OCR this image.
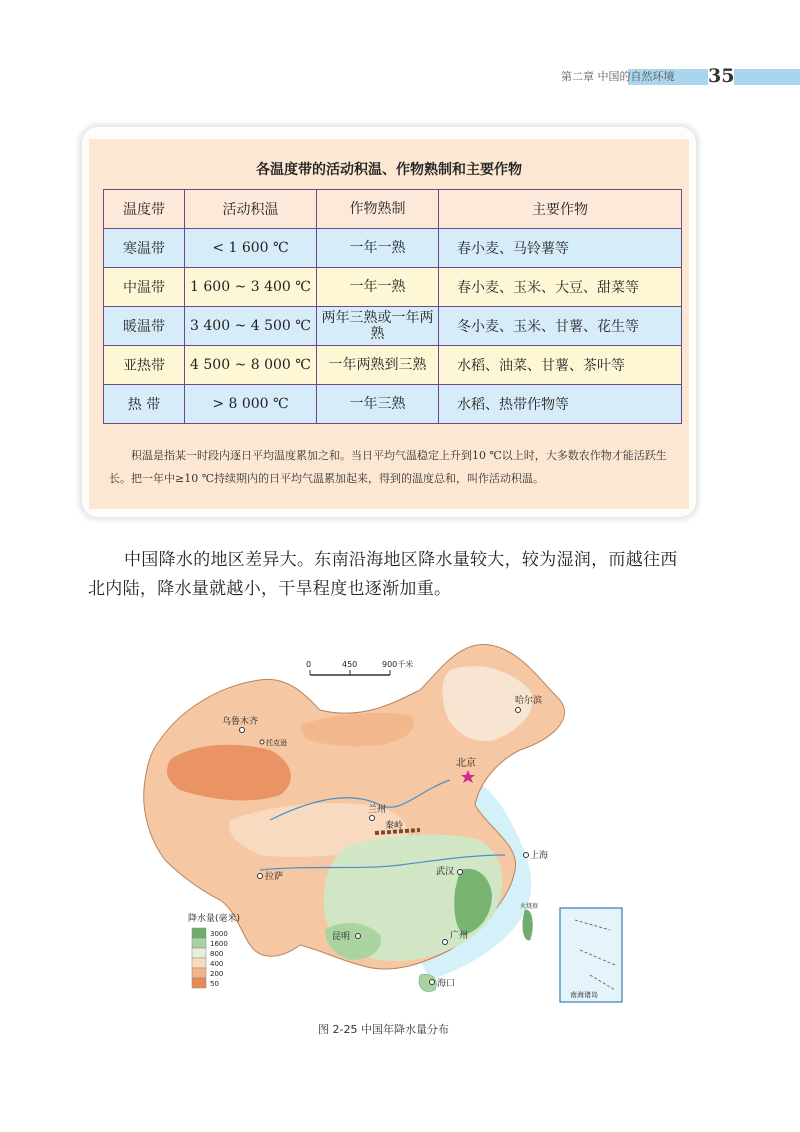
第二章 中国的自然环境	35
各温度带的活动积温、作物熟制和主要作物
温度带	活动积温	作物熟制	主要作物
寒温带	< 1 600 ℃	一年一熟	春小麦、马铃薯等
中温带	1 600 ~ 3 400 ℃	一年一熟	春小麦、玉米、大豆、甜菜等
暖温带	3 400 ~ 4 500 ℃	两年三熟或一年两熟	冬小麦、玉米、甘薯、花生等
亚热带	4 500 ~ 8 000 ℃	一年两熟到三熟	水稻、油菜、甘薯、茶叶等
热 带	> 8 000 ℃	一年三熟	水稻、热带作物等
积温是指某一时段内逐日平均温度累加之和。当日平均气温稳定上升到10 ℃以上时，大多数农作物才能活跃生长。把一年中≥10 ℃持续期内的日平均气温累加起来，得到的温度总和，叫作活动积温。
中国降水的地区差异大。东南沿海地区降水量较大，较为湿润，而越往西北内陆，降水量就越小，干旱程度也逐渐加重。
0	450	900千米
哈尔滨
乌鲁木齐
托克逊
北京
兰州
秦岭
上海
拉萨	武汉
昆明	广州
海口
火烧寮
南海诸岛
降水量(毫米)
3000
1600
800
400
200
50
图 2-25 中国年降水量分布
